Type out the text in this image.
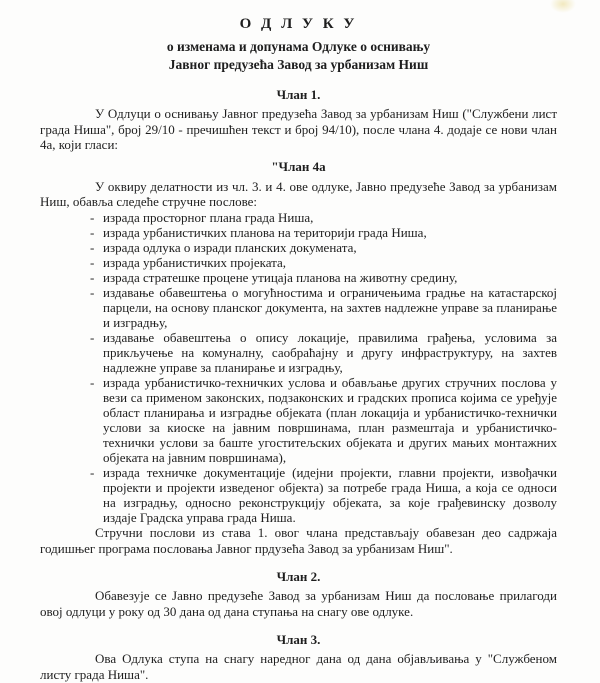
О Д Л У К У

о изменама и допунама Одлуке о оснивању

Јавног предузећа Завод за урбанизам Ниш

Члан 1.

У Одлуци о оснивању Јавног предузећа Завод за урбанизам Ниш ("Службени лист града Ниша", број 29/10 - пречишћен текст и број 94/10), после члана 4. додаје се нови члан 4а, који гласи:

"Члан 4а

У оквиру делатности из чл. 3. и 4. ове одлуке, Јавно предузеће Завод за урбанизам Ниш, обавља следеће стручне послове:

- израда просторног плана града Ниша,
- израда урбанистичких планова на територији града Ниша,
- израда одлука о изради планских докумената,
- израда урбанистичких пројеката,
- израда стратешке процене утицаја планова на животну средину,
- издавање обавештења о могућностима и ограничењима градње на катастарској парцели, на основу планског документа, на захтев надлежне управе за планирање и изградњу,
- издавање обавештења о опису локације, правилима грађења, условима за прикључење на комуналну, саобраћајну и другу инфраструктуру, на захтев надлежне управе за планирање и изградњу,
- израда урбанистичко-техничких услова и обављање других стручних послова у вези са применом законских, подзаконских и градских прописа којима се уређује област планирања и изградње објеката (план локација и урбанистичко-технички услови за киоске на јавним површинама, план размештаја и урбанистичко-технички услови за баште угоститељских објеката и других мањих монтажних објеката на јавним површинама),
- израда техничке документације (идејни пројекти, главни пројекти, извођачки пројекти и пројекти изведеног објекта) за потребе града Ниша, а која се односи на изградњу, односно реконструкцију објеката, за које грађевинску дозволу издаје Градска управа града Ниша.

Стручни послови из става 1. овог члана представљају обавезан део садржаја годишњег програма пословања Јавног прдузећа Завод за урбанизам Ниш".

Члан 2.

Обавезује се Јавно предузеће Завод за урбанизам Ниш да пословање прилагоди овој одлуци у року од 30 дана од дана ступања на снагу ове одлуке.

Члан 3.

Ова Одлука ступа на снагу наредног дана од дана објављивања у "Службеном листу града Ниша".
